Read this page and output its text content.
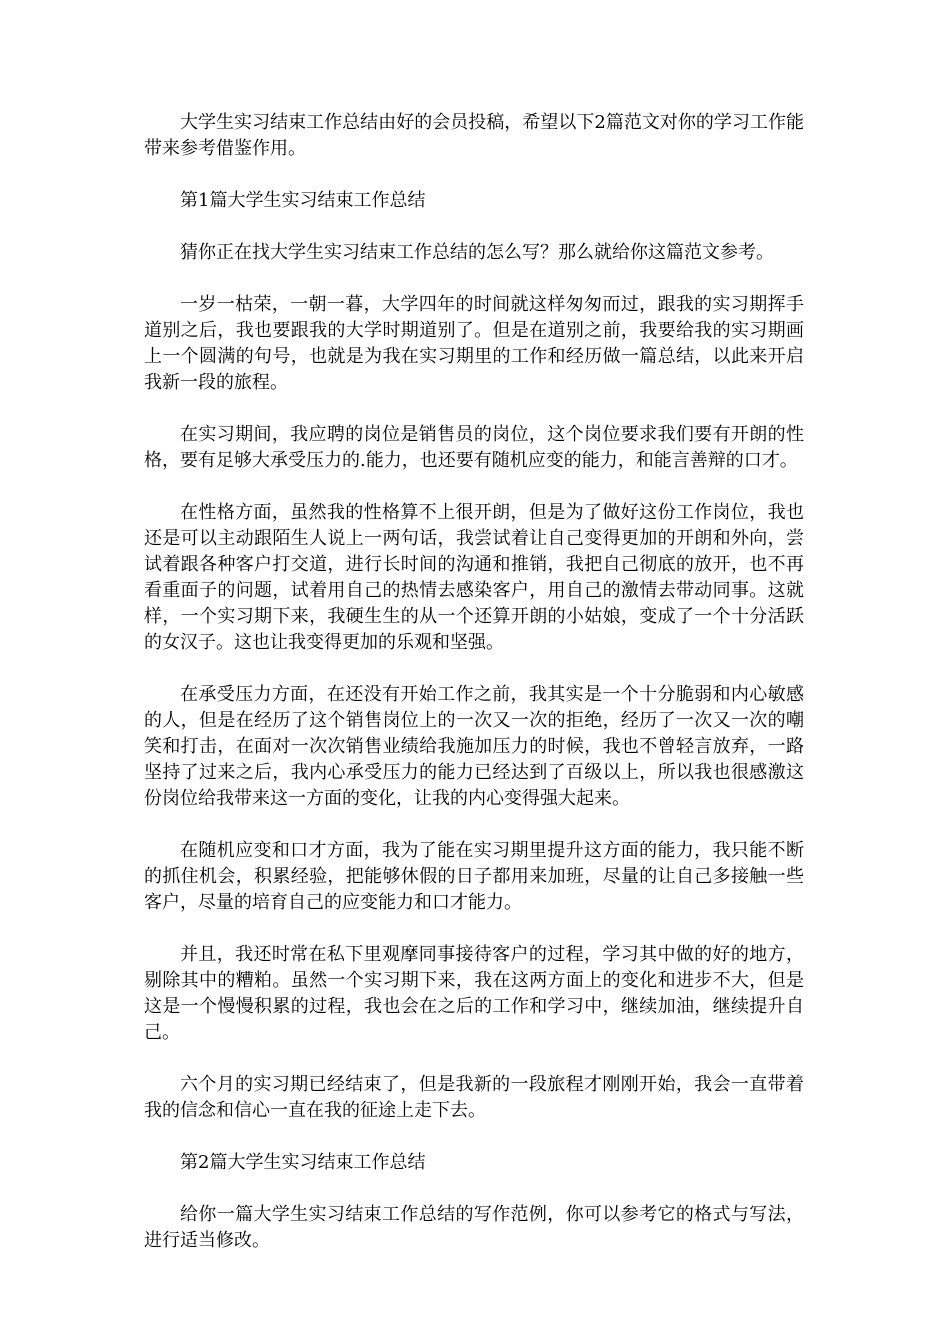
大学生实习结束工作总结由好的会员投稿，希望以下2篇范文对你的学习工作能带来参考借鉴作用。

第1篇大学生实习结束工作总结

猜你正在找大学生实习结束工作总结的怎么写？那么就给你这篇范文参考。

一岁一枯荣，一朝一暮，大学四年的时间就这样匆匆而过，跟我的实习期挥手道别之后，我也要跟我的大学时期道别了。但是在道别之前，我要给我的实习期画上一个圆满的句号，也就是为我在实习期里的工作和经历做一篇总结，以此来开启我新一段的旅程。

在实习期间，我应聘的岗位是销售员的岗位，这个岗位要求我们要有开朗的性格，要有足够大承受压力的.能力，也还要有随机应变的能力，和能言善辩的口才。

在性格方面，虽然我的性格算不上很开朗，但是为了做好这份工作岗位，我也还是可以主动跟陌生人说上一两句话，我尝试着让自己变得更加的开朗和外向，尝试着跟各种客户打交道，进行长时间的沟通和推销，我把自己彻底的放开，也不再看重面子的问题，试着用自己的热情去感染客户，用自己的激情去带动同事。这就样，一个实习期下来，我硬生生的从一个还算开朗的小姑娘，变成了一个十分活跃的女汉子。这也让我变得更加的乐观和坚强。

在承受压力方面，在还没有开始工作之前，我其实是一个十分脆弱和内心敏感的人，但是在经历了这个销售岗位上的一次又一次的拒绝，经历了一次又一次的嘲笑和打击，在面对一次次销售业绩给我施加压力的时候，我也不曾轻言放弃，一路坚持了过来之后，我内心承受压力的能力已经达到了百级以上，所以我也很感激这份岗位给我带来这一方面的变化，让我的内心变得强大起来。

在随机应变和口才方面，我为了能在实习期里提升这方面的能力，我只能不断的抓住机会，积累经验，把能够休假的日子都用来加班，尽量的让自己多接触一些客户，尽量的培育自己的应变能力和口才能力。

并且，我还时常在私下里观摩同事接待客户的过程，学习其中做的好的地方，剔除其中的糟粕。虽然一个实习期下来，我在这两方面上的变化和进步不大，但是这是一个慢慢积累的过程，我也会在之后的工作和学习中，继续加油，继续提升自己。

六个月的实习期已经结束了，但是我新的一段旅程才刚刚开始，我会一直带着我的信念和信心一直在我的征途上走下去。

第2篇大学生实习结束工作总结

给你一篇大学生实习结束工作总结的写作范例，你可以参考它的格式与写法，进行适当修改。
